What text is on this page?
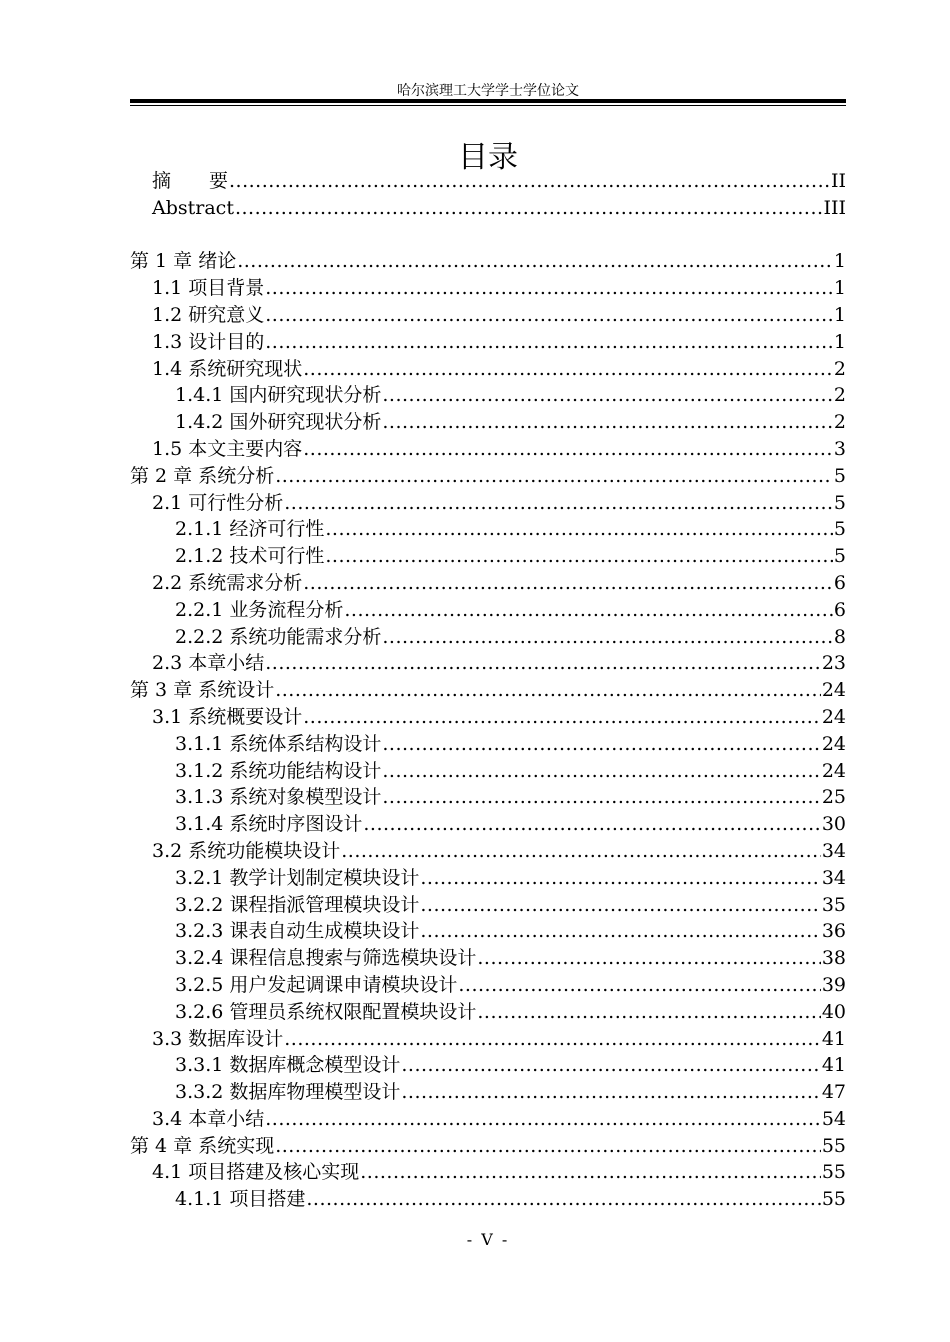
哈尔滨理工大学学士学位论文
目录
摘　　要 .....	II
Abstract .....	III
第 1 章 绪论 .....	1
1.1 项目背景 .....	1
1.2 研究意义 .....	1
1.3 设计目的 .....	1
1.4 系统研究现状 .....	2
1.4.1 国内研究现状分析 .....	2
1.4.2 国外研究现状分析 .....	2
1.5 本文主要内容 .....	3
第 2 章 系统分析 .....	5
2.1 可行性分析 .....	5
2.1.1 经济可行性 .....	5
2.1.2 技术可行性 .....	5
2.2 系统需求分析 .....	6
2.2.1 业务流程分析 .....	6
2.2.2 系统功能需求分析 .....	8
2.3 本章小结 .....	23
第 3 章 系统设计 .....	24
3.1 系统概要设计 .....	24
3.1.1 系统体系结构设计 .....	24
3.1.2 系统功能结构设计 .....	24
3.1.3 系统对象模型设计 .....	25
3.1.4 系统时序图设计 .....	30
3.2 系统功能模块设计 .....	34
3.2.1 教学计划制定模块设计 .....	34
3.2.2 课程指派管理模块设计 .....	35
3.2.3 课表自动生成模块设计 .....	36
3.2.4 课程信息搜索与筛选模块设计 .....	38
3.2.5 用户发起调课申请模块设计 .....	39
3.2.6 管理员系统权限配置模块设计 .....	40
3.3 数据库设计 .....	41
3.3.1 数据库概念模型设计 .....	41
3.3.2 数据库物理模型设计 .....	47
3.4 本章小结 .....	54
第 4 章 系统实现 .....	55
4.1 项目搭建及核心实现 .....	55
4.1.1 项目搭建 .....	55
- V -
